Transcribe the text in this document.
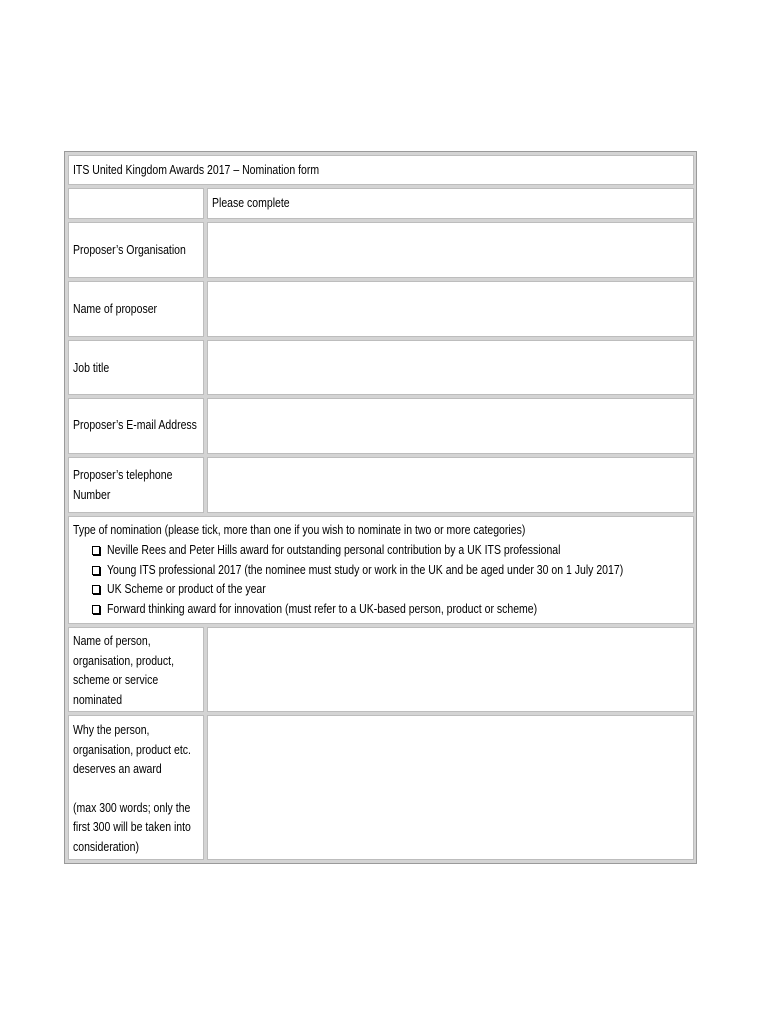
ITS United Kingdom Awards 2017 – Nomination form
Please complete
Proposer’s Organisation
Name of proposer
Job title
Proposer’s E-mail Address
Proposer’s telephone
Number
Type of nomination (please tick, more than one if you wish to nominate in two or more categories)
Neville Rees and Peter Hills award for outstanding personal contribution by a UK ITS professional
Young ITS professional 2017 (the nominee must study or work in the UK and be aged under 30 on 1 July 2017)
UK Scheme or product of the year
Forward thinking award for innovation (must refer to a UK-based person, product or scheme)
Name of person,
organisation, product,
scheme or service
nominated
Why the person,
organisation, product etc.
deserves an award
(max 300 words; only the
first 300 will be taken into
consideration)
